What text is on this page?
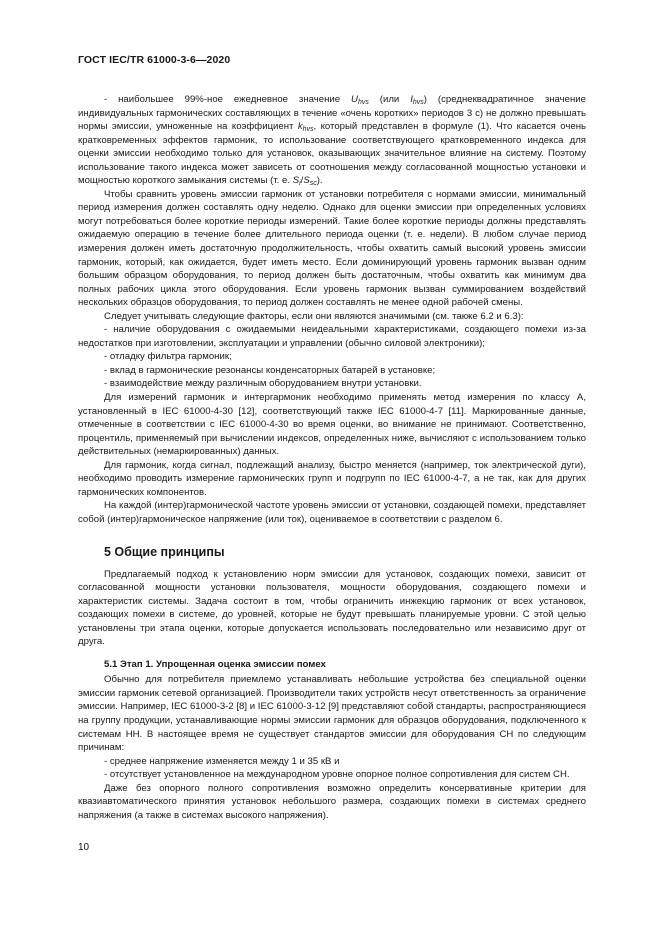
ГОСТ IEC/TR 61000-3-6—2020

- наибольшее 99%-ное ежедневное значение $U_{hvs}$ (или $I_{hvs}$) (среднеквадратичное значение индивидуальных гармонических составляющих в течение «очень коротких» периодов 3 с) не должно превышать нормы эмиссии, умноженные на коэффициент $k_{hvs}$, который представлен в формуле (1). Что касается очень кратковременных эффектов гармоник, то использование соответствующего кратковременного индекса для оценки эмиссии необходимо только для установок, оказывающих значительное влияние на систему. Поэтому использование такого индекса может зависеть от соотношения между согласованной мощностью установки и мощностью короткого замыкания системы (т. е. $S_i/S_{sc}$).

Чтобы сравнить уровень эмиссии гармоник от установки потребителя с нормами эмиссии, минимальный период измерения должен составлять одну неделю. Однако для оценки эмиссии при определенных условиях могут потребоваться более короткие периоды измерений. Такие более короткие периоды должны представлять ожидаемую операцию в течение более длительного периода оценки (т. е. недели). В любом случае период измерения должен иметь достаточную продолжительность, чтобы охватить самый высокий уровень эмиссии гармоник, который, как ожидается, будет иметь место. Если доминирующий уровень гармоник вызван одним большим образцом оборудования, то период должен быть достаточным, чтобы охватить как минимум два полных рабочих цикла этого оборудования. Если уровень гармоник вызван суммированием воздействий нескольких образцов оборудования, то период должен составлять не менее одной рабочей смены.

Следует учитывать следующие факторы, если они являются значимыми (см. также 6.2 и 6.3):

- наличие оборудования с ожидаемыми неидеальными характеристиками, создающего помехи из-за недостатков при изготовлении, эксплуатации и управлении (обычно силовой электроники);

- отладку фильтра гармоник;

- вклад в гармонические резонансы конденсаторных батарей в установке;

- взаимодействие между различным оборудованием внутри установки.

Для измерений гармоник и интергармоник необходимо применять метод измерения по классу А, установленный в IEC 61000-4-30 [12], соответствующий также IEC 61000-4-7 [11]. Маркированные данные, отмеченные в соответствии с IEC 61000-4-30 во время оценки, во внимание не принимают. Соответственно, процентиль, применяемый при вычислении индексов, определенных ниже, вычисляют с использованием только действительных (немаркированных) данных.

Для гармоник, когда сигнал, подлежащий анализу, быстро меняется (например, ток электрической дуги), необходимо проводить измерение гармонических групп и подгрупп по IEC 61000-4-7, а не так, как для других гармонических компонентов.

На каждой (интер)гармонической частоте уровень эмиссии от установки, создающей помехи, представляет собой (интер)гармоническое напряжение (или ток), оцениваемое в соответствии с разделом 6.

5 Общие принципы

Предлагаемый подход к установлению норм эмиссии для установок, создающих помехи, зависит от согласованной мощности установки пользователя, мощности оборудования, создающего помехи и характеристик системы. Задача состоит в том, чтобы ограничить инжекцию гармоник от всех установок, создающих помехи в системе, до уровней, которые не будут превышать планируемые уровни. С этой целью установлены три этапа оценки, которые допускается использовать последовательно или независимо друг от друга.

5.1 Этап 1. Упрощенная оценка эмиссии помех

Обычно для потребителя приемлемо устанавливать небольшие устройства без специальной оценки эмиссии гармоник сетевой организацией. Производители таких устройств несут ответственность за ограничение эмиссии. Например, IEC 61000-3-2 [8] и IEC 61000-3-12 [9] представляют собой стандарты, распространяющиеся на группу продукции, устанавливающие нормы эмиссии гармоник для образцов оборудования, подключенного к системам НН. В настоящее время не существует стандартов эмиссии для оборудования СН по следующим причинам:

- среднее напряжение изменяется между 1 и 35 кВ и

- отсутствует установленное на международном уровне опорное полное сопротивления для систем СН.

Даже без опорного полного сопротивления возможно определить консервативные критерии для квазиавтоматического принятия установок небольшого размера, создающих помехи в системах среднего напряжения (а также в системах высокого напряжения).

10
